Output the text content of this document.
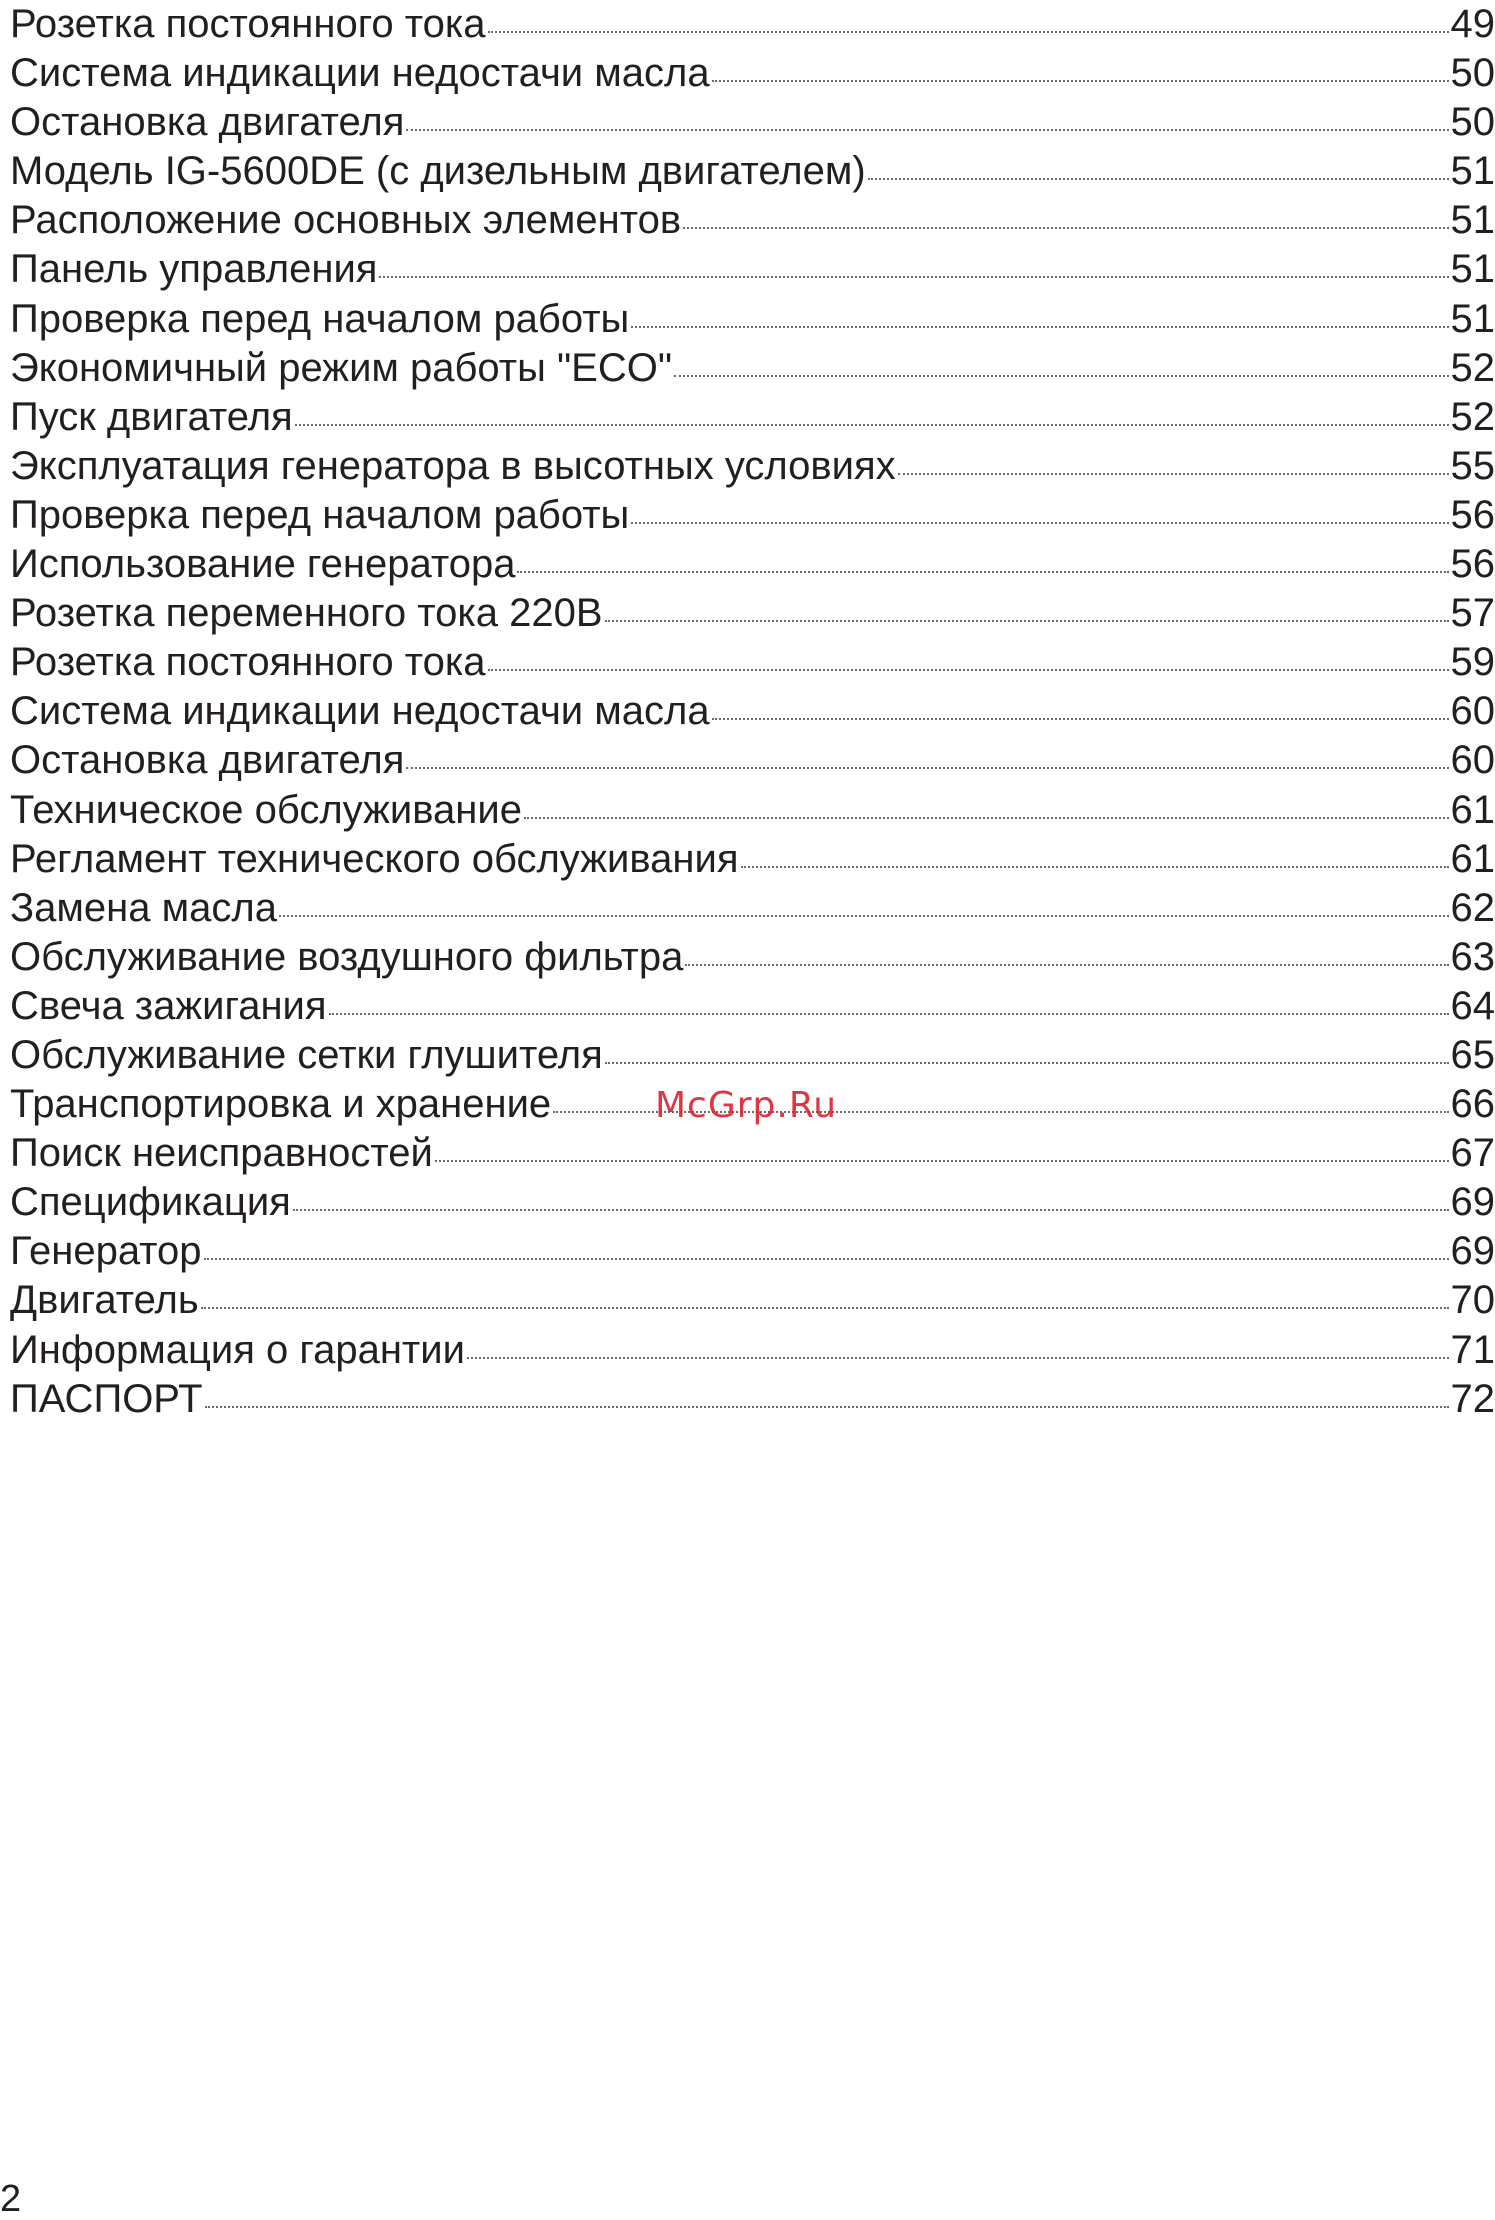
Розетка постоянного тока	49
Система индикации недостачи масла	50
Остановка двигателя	50
Модель IG-5600DE (с дизельным двигателем)	51
Расположение основных элементов	51
Панель управления	51
Проверка перед началом работы	51
Экономичный режим работы "ECO"	52
Пуск двигателя	52
Эксплуатация генератора в высотных условиях	55
Проверка перед началом работы	56
Использование генератора	56
Розетка переменного тока 220В	57
Розетка постоянного тока	59
Система индикации недостачи масла	60
Остановка двигателя	60
Техническое обслуживание	61
Регламент технического обслуживания	61
Замена масла	62
Обслуживание воздушного фильтра	63
Свеча зажигания	64
Обслуживание сетки глушителя	65
Транспортировка и хранение	66
Поиск неисправностей	67
Спецификация	69
Генератор	69
Двигатель	70
Информация о гарантии	71
ПАСПОРТ	72
McGrp.Ru
2
